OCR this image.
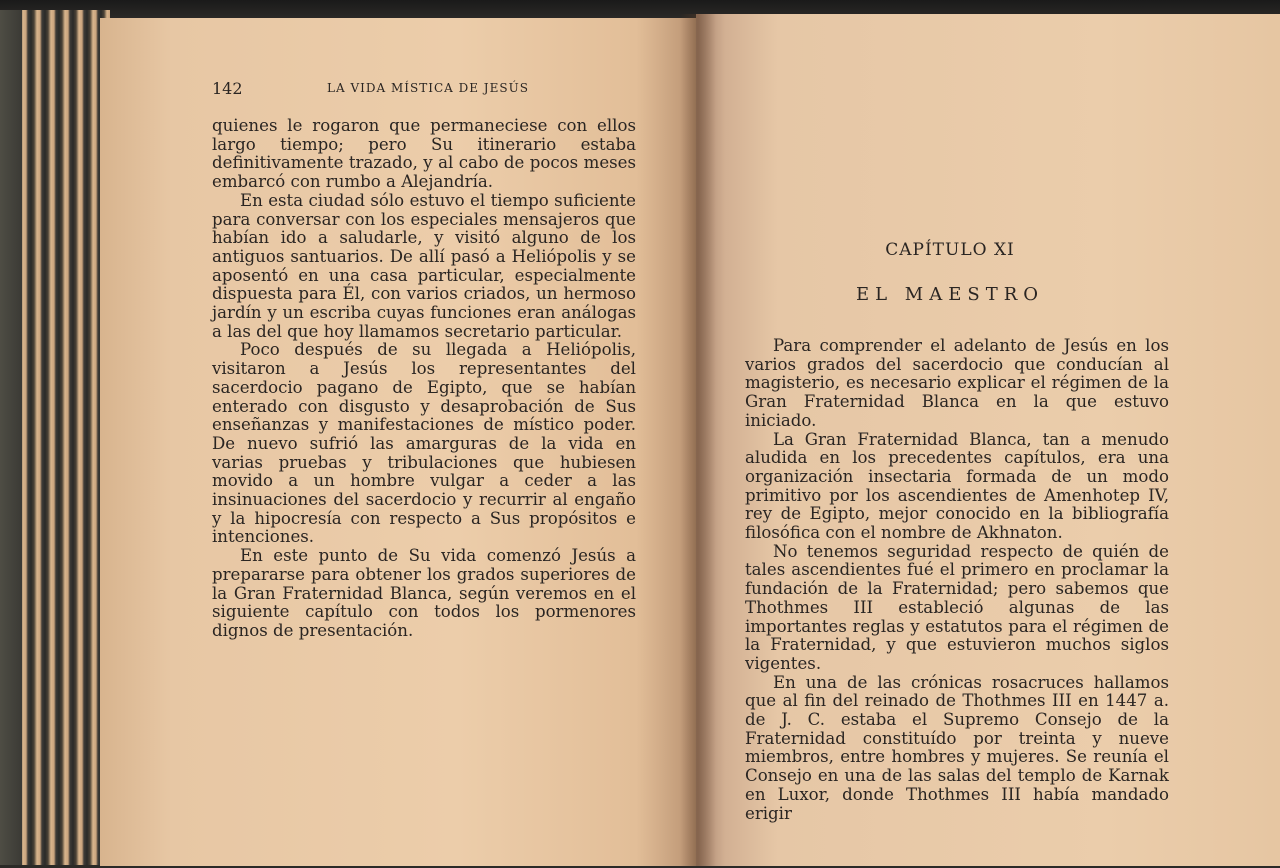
142	LA VIDA MÍSTICA DE JESÚS

quienes le rogaron que permaneciese con ellos largo tiempo; pero Su itinerario estaba definitivamente trazado, y al cabo de pocos meses embarcó con rumbo a Alejandría.

En esta ciudad sólo estuvo el tiempo suficiente para conversar con los especiales mensajeros que habían ido a saludarle, y visitó alguno de los antiguos santuarios. De allí pasó a Heliópolis y se aposentó en una casa particular, especialmente dispuesta para Él, con varios criados, un hermoso jardín y un escriba cuyas funciones eran análogas a las del que hoy llamamos secretario particular.

Poco después de su llegada a Heliópolis, visitaron a Jesús los representantes del sacerdocio pagano de Egipto, que se habían enterado con disgusto y desaprobación de Sus enseñanzas y manifestaciones de místico poder. De nuevo sufrió las amarguras de la vida en varias pruebas y tribulaciones que hubiesen movido a un hombre vulgar a ceder a las insinuaciones del sacerdocio y recurrir al engaño y la hipocresía con respecto a Sus propósitos e intenciones.

En este punto de Su vida comenzó Jesús a prepararse para obtener los grados superiores de la Gran Fraternidad Blanca, según veremos en el siguiente capítulo con todos los pormenores dignos de presentación.

CAPÍTULO XI
EL MAESTRO

Para comprender el adelanto de Jesús en los varios grados del sacerdocio que conducían al magisterio, es necesario explicar el régimen de la Gran Fraternidad Blanca en la que estuvo iniciado.

La Gran Fraternidad Blanca, tan a menudo aludida en los precedentes capítulos, era una organización insectaria formada de un modo primitivo por los ascendientes de Amenhotep IV, rey de Egipto, mejor conocido en la bibliografía filosófica con el nombre de Akhnaton.

No tenemos seguridad respecto de quién de tales ascendientes fué el primero en proclamar la fundación de la Fraternidad; pero sabemos que Thothmes III estableció algunas de las importantes reglas y estatutos para el régimen de la Fraternidad, y que estuvieron muchos siglos vigentes.

En una de las crónicas rosacruces hallamos que al fin del reinado de Thothmes III en 1447 a. de J. C. estaba el Supremo Consejo de la Fraternidad constituído por treinta y nueve miembros, entre hombres y mujeres. Se reunía el Consejo en una de las salas del templo de Karnak en Luxor, donde Thothmes III había mandado erigir
